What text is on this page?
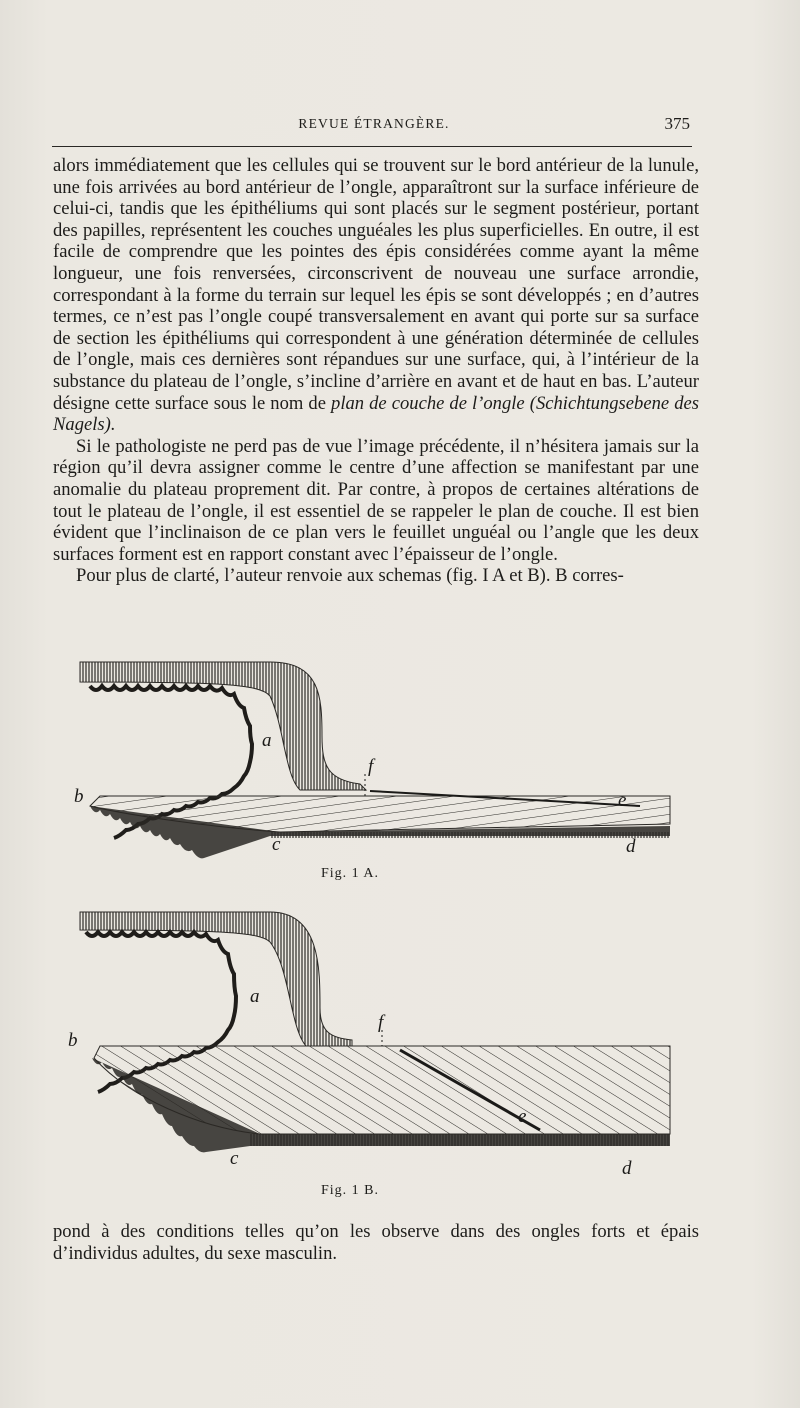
REVUE ÉTRANGÈRE.	375

alors immédiatement que les cellules qui se trouvent sur le bord antérieur de la lunule, une fois arrivées au bord antérieur de l’ongle, apparaîtront sur la surface inférieure de celui-ci, tandis que les épithéliums qui sont placés sur le segment postérieur, portant des papilles, représentent les couches unguéales les plus superficielles. En outre, il est facile de comprendre que les pointes des épis considérées comme ayant la même longueur, une fois renversées, circonscrivent de nouveau une surface arrondie, correspondant à la forme du terrain sur lequel les épis se sont développés ; en d’autres termes, ce n’est pas l’ongle coupé transversalement en avant qui porte sur sa surface de section les épithéliums qui correspondent à une génération déterminée de cellules de l’ongle, mais ces dernières sont répandues sur une surface, qui, à l’intérieur de la substance du plateau de l’ongle, s’incline d’arrière en avant et de haut en bas. L’auteur désigne cette surface sous le nom de plan de couche de l’ongle (Schichtungsebene des Nagels).

Si le pathologiste ne perd pas de vue l’image précédente, il n’hésitera jamais sur la région qu’il devra assigner comme le centre d’une affection se manifestant par une anomalie du plateau proprement dit. Par contre, à propos de certaines altérations de tout le plateau de l’ongle, il est essentiel de se rappeler le plan de couche. Il est bien évident que l’inclinaison de ce plan vers le feuillet unguéal ou l’angle que les deux surfaces forment est en rapport constant avec l’épaisseur de l’ongle.

Pour plus de clarté, l’auteur renvoie aux schemas (fig. I A et B). B corres-

a
b
c	d
e
f
Fig. 1 A.
a
b
c	d
e
f
Fig. 1 B.

pond à des conditions telles qu’on les observe dans des ongles forts et épais d’individus adultes, du sexe masculin.
